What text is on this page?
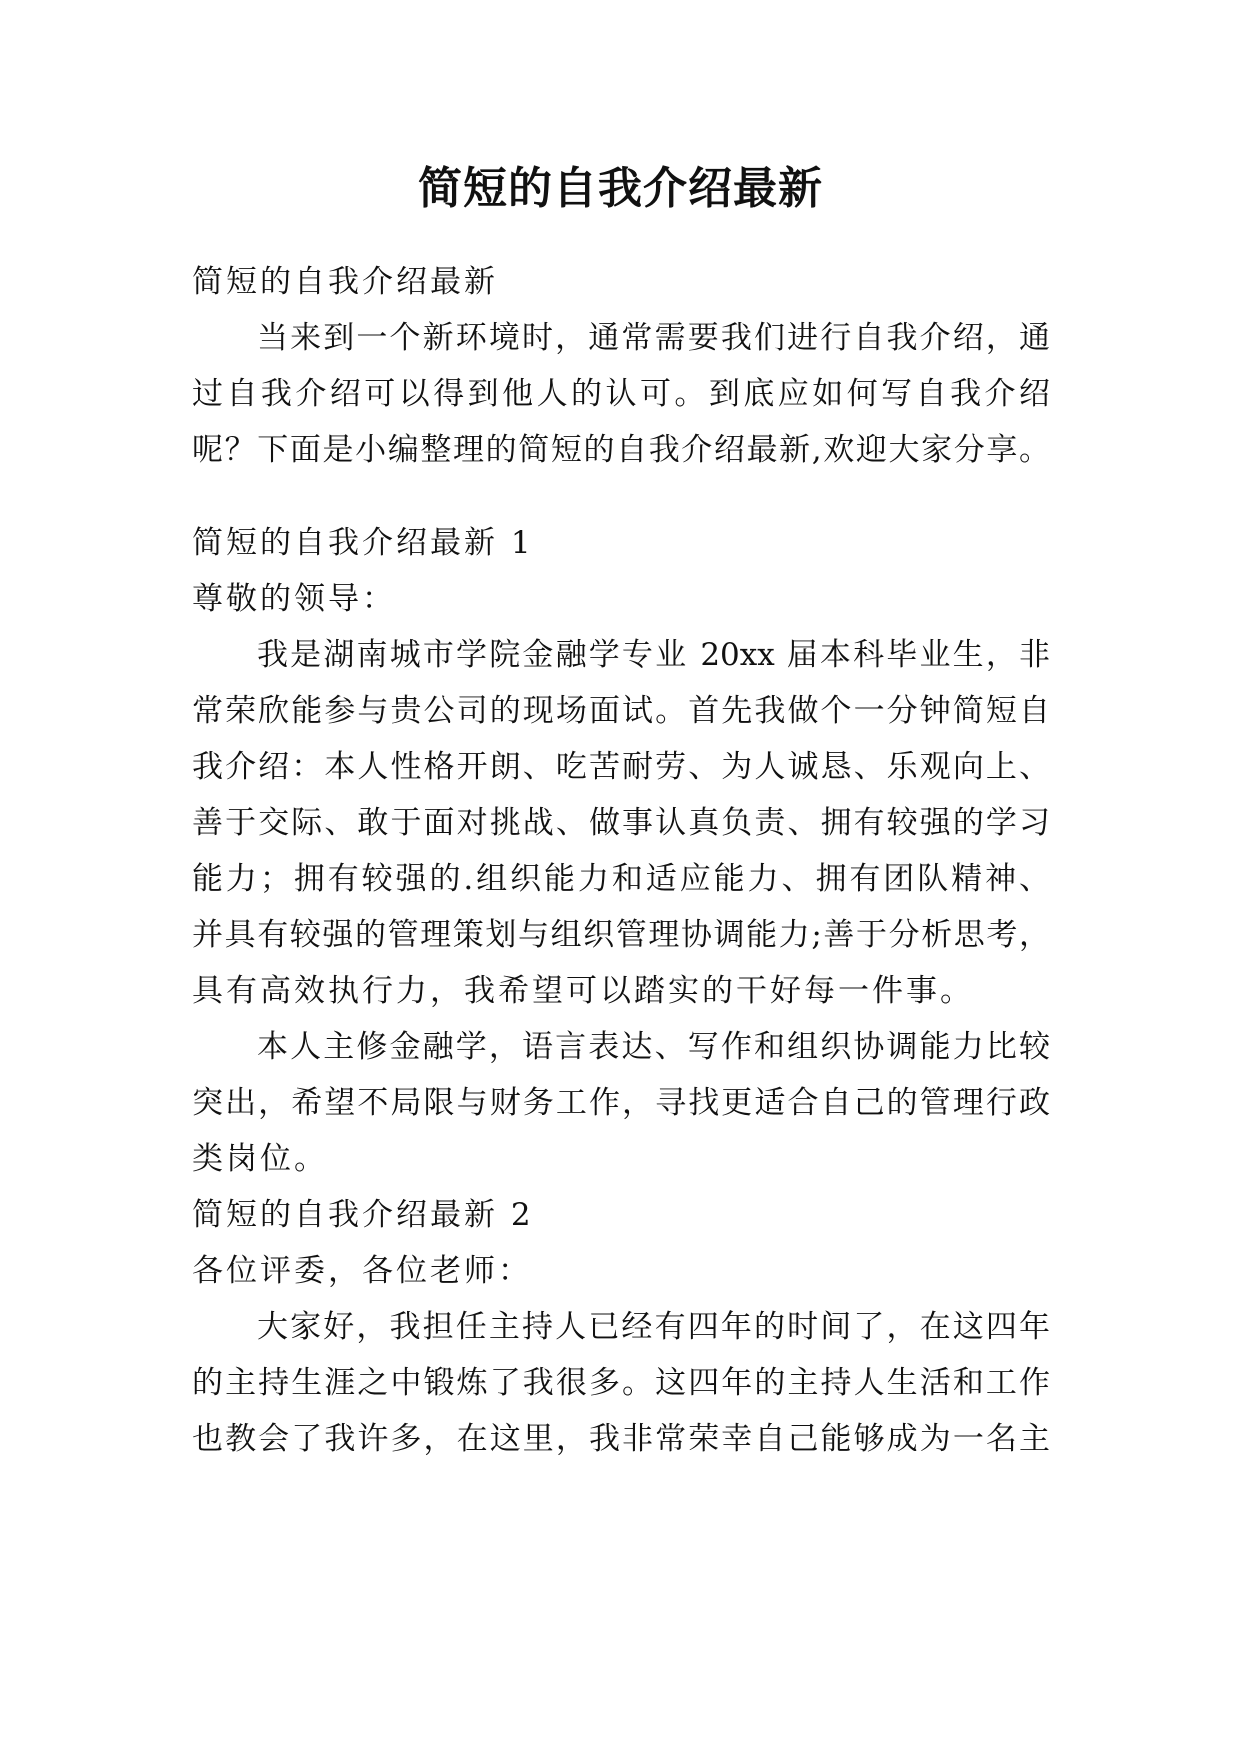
简短的自我介绍最新
简短的自我介绍最新
当来到一个新环境时，通常需要我们进行自我介绍，通
过自我介绍可以得到他人的认可。到底应如何写自我介绍
呢？下面是小编整理的简短的自我介绍最新,欢迎大家分享。
简短的自我介绍最新 1
尊敬的领导：
我是湖南城市学院金融学专业 20xx 届本科毕业生，非
常荣欣能参与贵公司的现场面试。首先我做个一分钟简短自
我介绍：本人性格开朗、吃苦耐劳、为人诚恳、乐观向上、
善于交际、敢于面对挑战、做事认真负责、拥有较强的学习
能力；拥有较强的.组织能力和适应能力、拥有团队精神、
并具有较强的管理策划与组织管理协调能力;善于分析思考，
具有高效执行力，我希望可以踏实的干好每一件事。
本人主修金融学，语言表达、写作和组织协调能力比较
突出，希望不局限与财务工作，寻找更适合自己的管理行政
类岗位。
简短的自我介绍最新 2
各位评委，各位老师：
大家好，我担任主持人已经有四年的时间了，在这四年
的主持生涯之中锻炼了我很多。这四年的主持人生活和工作
也教会了我许多，在这里，我非常荣幸自己能够成为一名主
